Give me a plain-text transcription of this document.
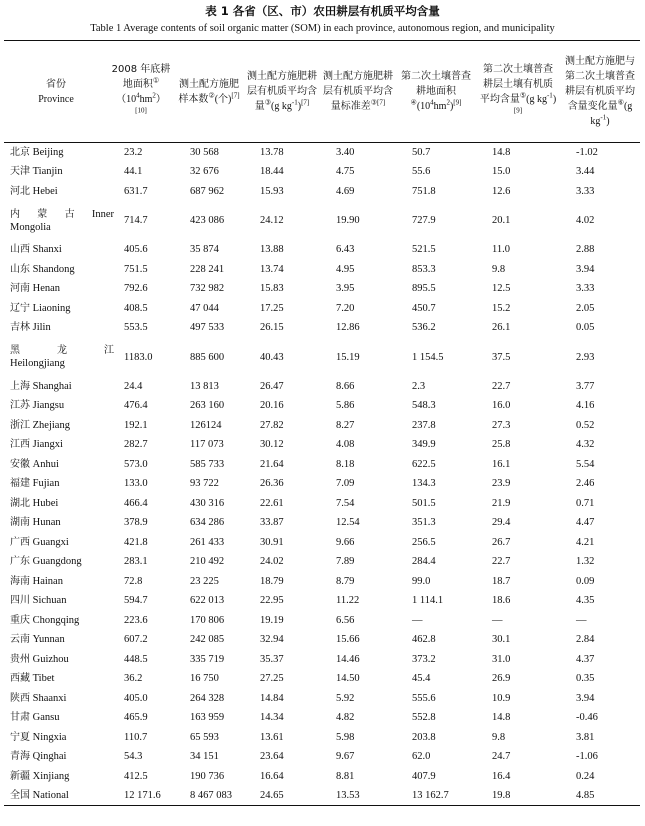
表 1 各省（区、市）农田耕层有机质平均含量
Table 1 Average contents of soil organic matter (SOM) in each province, autonomous region, and municipality
省份
Province	2008 年底耕地面积$^①(10^4hm^2)[10]$	测土配方施肥样本数②(个)[7]	测土配方施肥耕层有机质平均含量③(g $kg^{-1})[7]$	测土配方施肥耕层有机质平均含量标准差$^{③[7]}$	第二次土壤普查耕地面积$^④(10^4hm^2)[9]$	第二次土壤普查耕层土壤有机质平均含量⑤(g $kg^{-1})[9]$	测土配方施肥与第二次土壤普查耕层有机质平均含量变化量⑥(g $kg^{-1}$)
北京 Beijing	23.2	30 568	13.78	3.40	50.7	14.8	-1.02
天津 Tianjin	44.1	32 676	18.44	4.75	55.6	15.0	3.44
河北 Hebei	631.7	687 962	15.93	4.69	751.8	12.6	3.33

内 蒙 古 Inner
Mongolia	714.7	423 086	24.12	19.90	727.9	20.1	4.02
山西 Shanxi	405.6	35 874	13.88	6.43	521.5	11.0	2.88
山东 Shandong	751.5	228 241	13.74	4.95	853.3	9.8	3.94
河南 Henan	792.6	732 982	15.83	3.95	895.5	12.5	3.33
辽宁 Liaoning	408.5	47 044	17.25	7.20	450.7	15.2	2.05
吉林 Jilin	553.5	497 533	26.15	12.86	536.2	26.1	0.05

黑 龙 江
Heilongjiang	1183.0	885 600	40.43	15.19	1 154.5	37.5	2.93
上海 Shanghai	24.4	13 813	26.47	8.66	2.3	22.7	3.77
江苏 Jiangsu	476.4	263 160	20.16	5.86	548.3	16.0	4.16
浙江 Zhejiang	192.1	126124	27.82	8.27	237.8	27.3	0.52
江西 Jiangxi	282.7	117 073	30.12	4.08	349.9	25.8	4.32
安徽 Anhui	573.0	585 733	21.64	8.18	622.5	16.1	5.54
福建 Fujian	133.0	93 722	26.36	7.09	134.3	23.9	2.46
湖北 Hubei	466.4	430 316	22.61	7.54	501.5	21.9	0.71
湖南 Hunan	378.9	634 286	33.87	12.54	351.3	29.4	4.47
广西 Guangxi	421.8	261 433	30.91	9.66	256.5	26.7	4.21
广东 Guangdong	283.1	210 492	24.02	7.89	284.4	22.7	1.32
海南 Hainan	72.8	23 225	18.79	8.79	99.0	18.7	0.09
四川 Sichuan	594.7	622 013	22.95	11.22	1 114.1	18.6	4.35
重庆 Chongqing	223.6	170 806	19.19	6.56	—	—	—
云南 Yunnan	607.2	242 085	32.94	15.66	462.8	30.1	2.84
贵州 Guizhou	448.5	335 719	35.37	14.46	373.2	31.0	4.37
西藏 Tibet	36.2	16 750	27.25	14.50	45.4	26.9	0.35
陕西 Shaanxi	405.0	264 328	14.84	5.92	555.6	10.9	3.94
甘肃 Gansu	465.9	163 959	14.34	4.82	552.8	14.8	-0.46
宁夏 Ningxia	110.7	65 593	13.61	5.98	203.8	9.8	3.81
青海 Qinghai	54.3	34 151	23.64	9.67	62.0	24.7	-1.06
新疆 Xinjiang	412.5	190 736	16.64	8.81	407.9	16.4	0.24
全国 National	12 171.6	8 467 083	24.65	13.53	13 162.7	19.8	4.85
